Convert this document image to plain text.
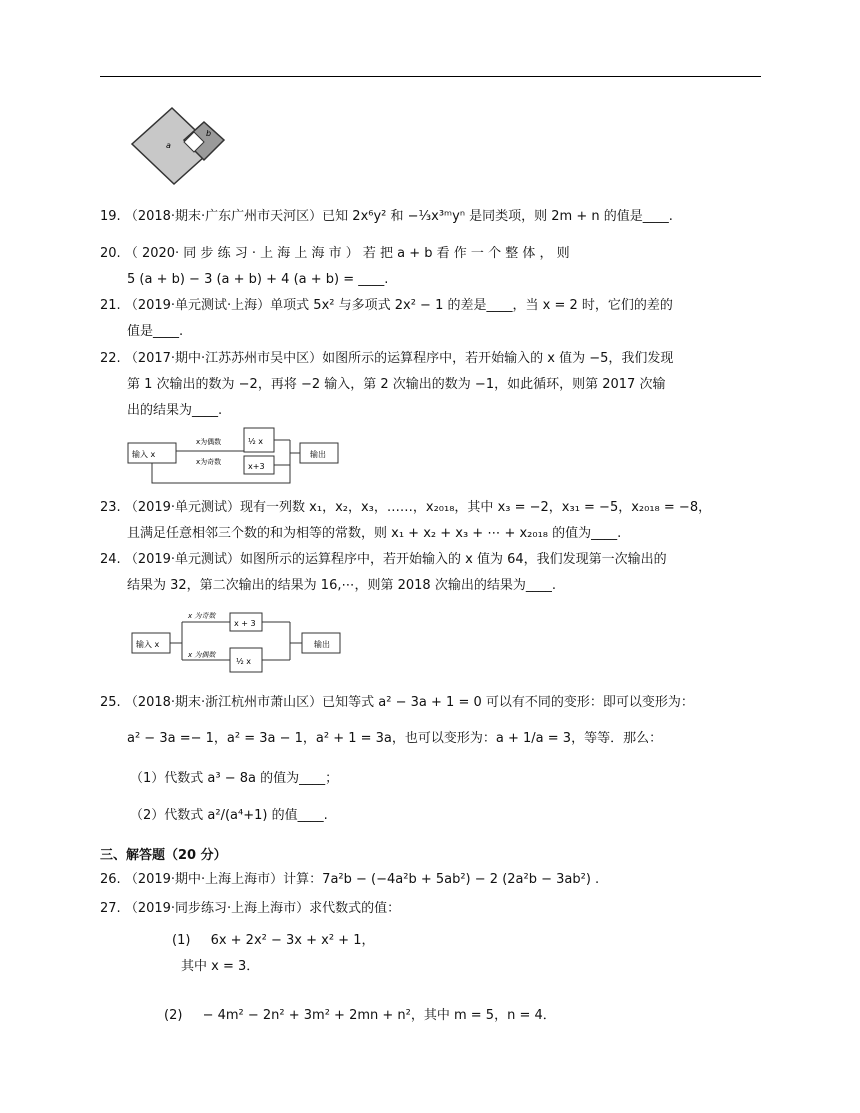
a
b
19. （2018·期末·广东广州市天河区）已知 2x⁶y² 和 −⅓x³ᵐyⁿ 是同类项，则 2m + n 的值是____.
20. （ 2020· 同 步 练 习 · 上 海 上 海 市 ） 若 把 a + b 看 作 一 个 整 体 ， 则
5 (a + b) − 3 (a + b) + 4 (a + b) = ____.
21. （2019·单元测试·上海）单项式 5x² 与多项式 2x² − 1 的差是____，当 x = 2 时，它们的差的
值是____.
22. （2017·期中·江苏苏州市吴中区）如图所示的运算程序中，若开始输入的 x 值为 −5，我们发现
第 1 次输出的数为 −2，再将 −2 输入，第 2 次输出的数为 −1，如此循环，则第 2017 次输
出的结果为____.
输入 x
x为偶数
x为奇数
½ x
x+3
输出
23. （2019·单元测试）现有一列数 x₁，x₂，x₃，……，x₂₀₁₈，其中 x₃ = −2，x₃₁ = −5，x₂₀₁₈ = −8，
且满足任意相邻三个数的和为相等的常数，则 x₁ + x₂ + x₃ + ⋯ + x₂₀₁₈ 的值为____.
24. （2019·单元测试）如图所示的运算程序中，若开始输入的 x 值为 64，我们发现第一次输出的
结果为 32，第二次输出的结果为 16,⋯，则第 2018 次输出的结果为____.
输入 x
x 为奇数
x 为偶数
x + 3
½ x
输出
25. （2018·期末·浙江杭州市萧山区）已知等式 a² − 3a + 1 = 0 可以有不同的变形：即可以变形为：
a² − 3a =− 1，a² = 3a − 1，a² + 1 = 3a，也可以变形为：a + 1/a = 3，等等．那么：
（1）代数式 a³ − 8a 的值为____；
（2）代数式 a²/(a⁴+1) 的值____.
三、解答题（20 分）
26. （2019·期中·上海上海市）计算：7a²b − (−4a²b + 5ab²) − 2 (2a²b − 3ab²) .
27. （2019·同步练习·上海上海市）求代数式的值：
(1) 6x + 2x² − 3x + x² + 1，
其中 x = 3．
(2) − 4m² − 2n² + 3m² + 2mn + n²，其中 m = 5，n = 4．
